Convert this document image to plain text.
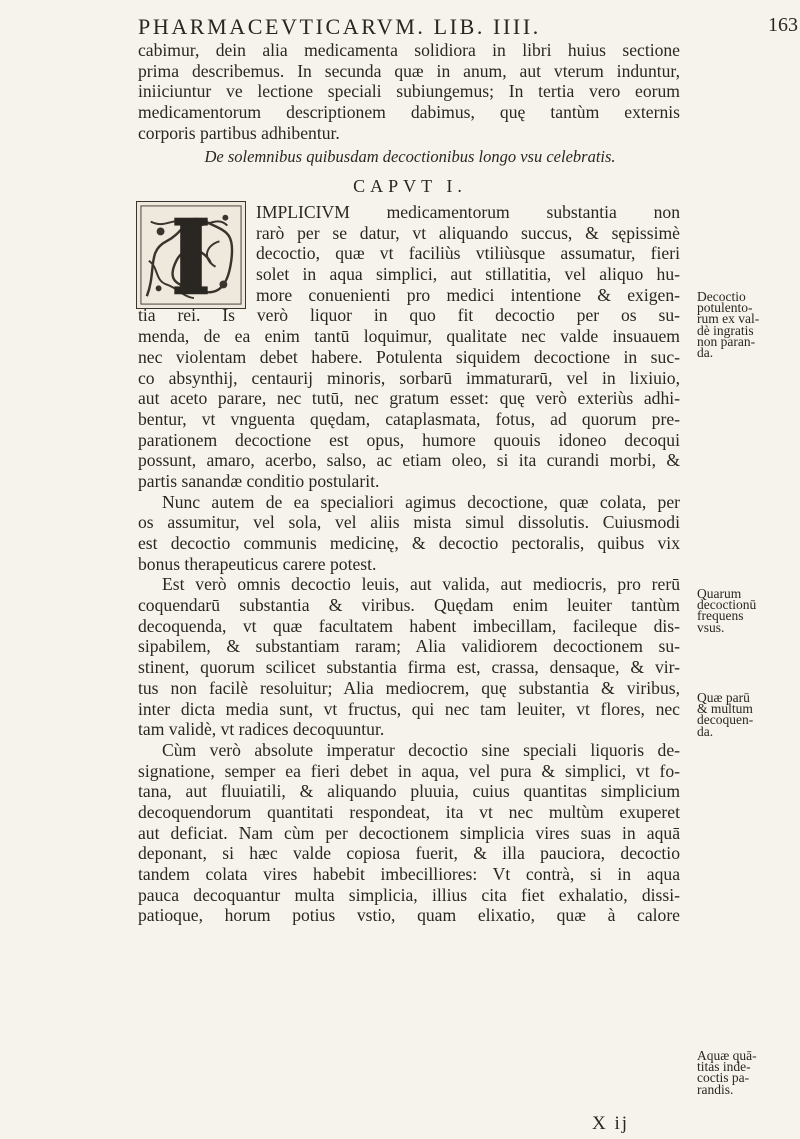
PHARMACEVTICARVM. LIB. IIII.	163
cabimur, dein alia medicamenta solidiora in libri huius sectione
prima describemus. In secunda quæ in anum, aut vterum induntur,
iniiciuntur ve lectione speciali subiungemus; In tertia vero eorum
medicamentorum descriptionem dabimus, quę tantùm externis
corporis partibus adhibentur.
De solemnibus quibusdam decoctionibus longo vsu celebratis.
CAPVT I.
IMPLICIVM medicamentorum substantia non
rarò per se datur, vt aliquando succus, & sępissimè
decoctio, quæ vt faciliùs vtiliùsque assumatur, fieri
solet in aqua simplici, aut stillatitia, vel aliquo hu-
more conuenienti pro medici intentione & exigen-
tia rei. Is verò liquor in quo fit decoctio per os su-
menda, de ea enim tantū loquimur, qualitate nec valde insuauem
nec violentam debet habere. Potulenta siquidem decoctione in suc-
co absynthij, centaurij minoris, sorbarū immaturarū, vel in lixiuio,
aut aceto parare, nec tutū, nec gratum esset: quę verò exteriùs adhi-
bentur, vt vnguenta quędam, cataplasmata, fotus, ad quorum pre-
parationem decoctione est opus, humore quouis idoneo decoqui
possunt, amaro, acerbo, salso, ac etiam oleo, si ita curandi morbi, &
partis sanandæ conditio postularit.
Nunc autem de ea specialiori agimus decoctione, quæ colata, per
os assumitur, vel sola, vel aliis mista simul dissolutis. Cuiusmodi
est decoctio communis medicinę, & decoctio pectoralis, quibus vix
bonus therapeuticus carere potest.
Est verò omnis decoctio leuis, aut valida, aut mediocris, pro rerū
coquendarū substantia & viribus. Quędam enim leuiter tantùm
decoquenda, vt quæ facultatem habent imbecillam, facileque dis-
sipabilem, & substantiam raram; Alia validiorem decoctionem su-
stinent, quorum scilicet substantia firma est, crassa, densaque, & vir-
tus non facilè resoluitur; Alia mediocrem, quę substantia & viribus,
inter dicta media sunt, vt fructus, qui nec tam leuiter, vt flores, nec
tam validè, vt radices decoquuntur.
Cùm verò absolute imperatur decoctio sine speciali liquoris de-
signatione, semper ea fieri debet in aqua, vel pura & simplici, vt fo-
tana, aut fluuiatili, & aliquando pluuia, cuius quantitas simplicium
decoquendorum quantitati respondeat, ita vt nec multùm exuperet
aut deficiat. Nam cùm per decoctionem simplicia vires suas in aquā
deponant, si hæc valde copiosa fuerit, & illa pauciora, decoctio
tandem colata vires habebit imbecilliores: Vt contrà, si in aqua
pauca decoquantur multa simplicia, illius cita fiet exhalatio, dissi-
patioque, horum potius vstio, quam elixatio, quæ à calore
Decoctio
potulento-
rum ex val-
dè ingratis
non paran-
da.
Quarum
decoctionū
frequens
vsus.
Quæ parū
& multum
decoquen-
da.
Aquæ quā-
titas inde-
coctis pa-
randis.
X ij
